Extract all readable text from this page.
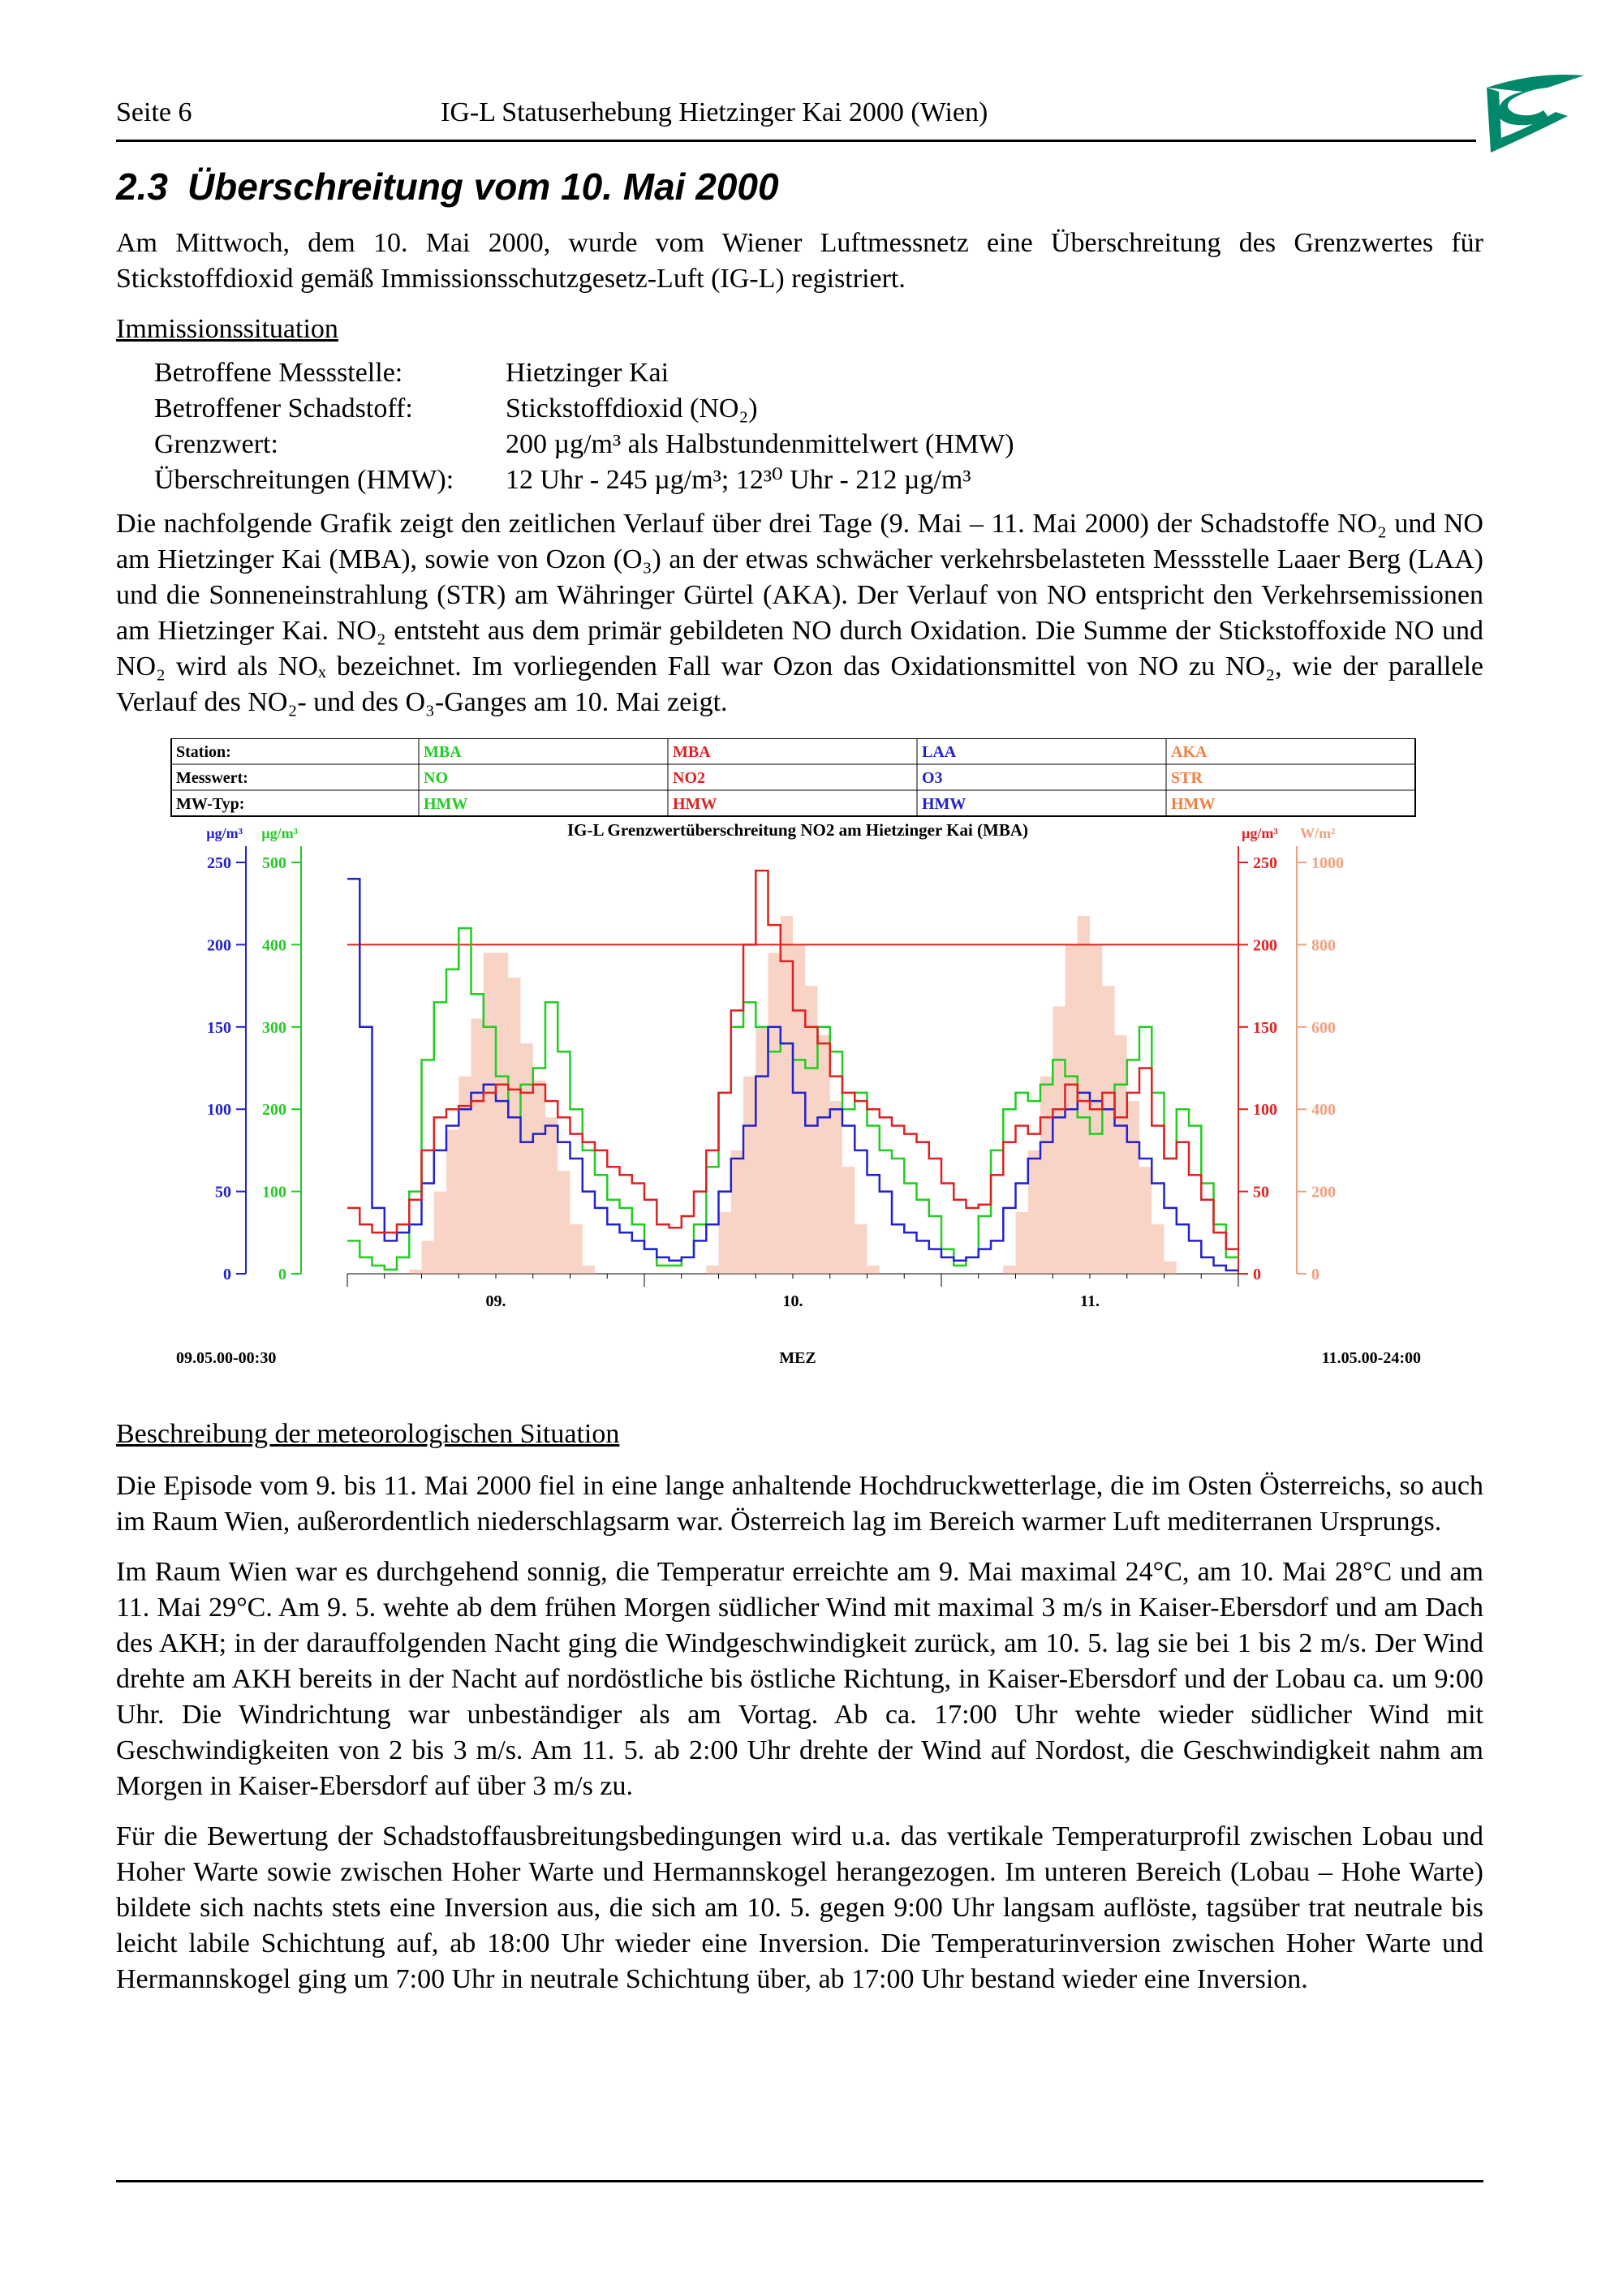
Seite 6	IG-L Statuserhebung Hietzinger Kai 2000 (Wien)
2.3 Überschreitung vom 10. Mai 2000

Am Mittwoch, dem 10. Mai 2000, wurde vom Wiener Luftmessnetz eine Überschreitung des Grenzwertes für Stickstoffdioxid gemäß Immissionsschutzgesetz-Luft (IG-L) registriert.

Immissionssituation
Betroffene Messstelle:	Hietzinger Kai
Betroffener Schadstoff:	Stickstoffdioxid (NO₂)
Grenzwert:	200 µg/m³ als Halbstundenmittelwert (HMW)
Überschreitungen (HMW):	12 Uhr - 245 µg/m³; 12³⁰ Uhr - 212 µg/m³

Die nachfolgende Grafik zeigt den zeitlichen Verlauf über drei Tage (9. Mai – 11. Mai 2000) der Schadstoffe NO₂ und NO am Hietzinger Kai (MBA), sowie von Ozon (O₃) an der etwas schwächer verkehrsbelasteten Messstelle Laaer Berg (LAA) und die Sonneneinstrahlung (STR) am Währinger Gürtel (AKA). Der Verlauf von NO entspricht den Verkehrsemissionen am Hietzinger Kai. NO₂ entsteht aus dem primär gebildeten NO durch Oxidation. Die Summe der Stickstoffoxide NO und NO₂ wird als NOₓ bezeichnet. Im vorliegenden Fall war Ozon das Oxidationsmittel von NO zu NO₂, wie der parallele Verlauf des NO₂- und des O₃-Ganges am 10. Mai zeigt.

Station:	MBA	MBA	LAA	AKA
Messwert:	NO	NO2	O3	STR
MW-Typ:	HMW	HMW	HMW	HMW
IG-L Grenzwertüberschreitung NO2 am Hietzinger Kai (MBA)
µg/m³
0
50
100
150
200
250
µg/m³
0
100
200
300
400
500
µg/m³
0
50
100
150
200
250
W/m²
0
200
400
600
800
1000
09.	10.	11.
09.05.00-00:30	MEZ	11.05.00-24:00
Beschreibung der meteorologischen Situation

Die Episode vom 9. bis 11. Mai 2000 fiel in eine lange anhaltende Hochdruckwetterlage, die im Osten Österreichs, so auch im Raum Wien, außerordentlich niederschlagsarm war. Österreich lag im Bereich warmer Luft mediterranen Ursprungs.

Im Raum Wien war es durchgehend sonnig, die Temperatur erreichte am 9. Mai maximal 24°C, am 10. Mai 28°C und am 11. Mai 29°C. Am 9. 5. wehte ab dem frühen Morgen südlicher Wind mit maximal 3 m/s in Kaiser-Ebersdorf und am Dach des AKH; in der darauffolgenden Nacht ging die Windgeschwindigkeit zurück, am 10. 5. lag sie bei 1 bis 2 m/s. Der Wind drehte am AKH bereits in der Nacht auf nordöstliche bis östliche Richtung, in Kaiser-Ebersdorf und der Lobau ca. um 9:00 Uhr. Die Windrichtung war unbeständiger als am Vortag. Ab ca. 17:00 Uhr wehte wieder südlicher Wind mit Geschwindigkeiten von 2 bis 3 m/s. Am 11. 5. ab 2:00 Uhr drehte der Wind auf Nordost, die Geschwindigkeit nahm am Morgen in Kaiser-Ebersdorf auf über 3 m/s zu.

Für die Bewertung der Schadstoffausbreitungsbedingungen wird u.a. das vertikale Temperaturprofil zwischen Lobau und Hoher Warte sowie zwischen Hoher Warte und Hermannskogel herangezogen. Im unteren Bereich (Lobau – Hohe Warte) bildete sich nachts stets eine Inversion aus, die sich am 10. 5. gegen 9:00 Uhr langsam auflöste, tagsüber trat neutrale bis leicht labile Schichtung auf, ab 18:00 Uhr wieder eine Inversion. Die Temperaturinversion zwischen Hoher Warte und Hermannskogel ging um 7:00 Uhr in neutrale Schichtung über, ab 17:00 Uhr bestand wieder eine Inversion.
